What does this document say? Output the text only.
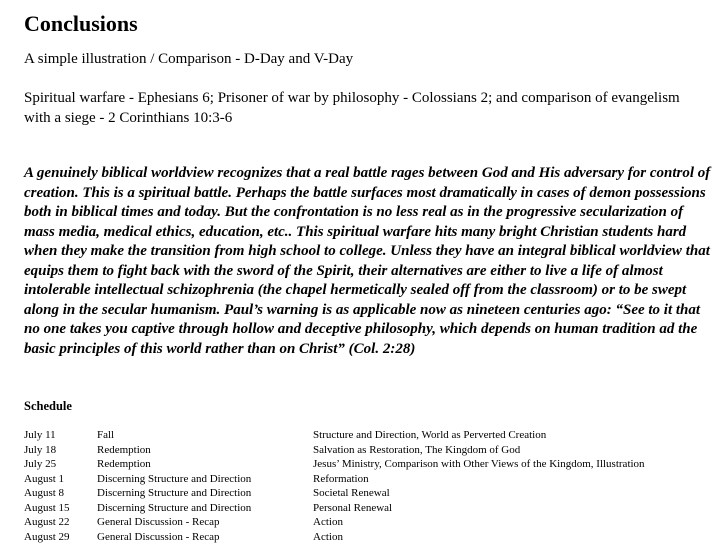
Conclusions
A simple illustration / Comparison - D-Day and V-Day
Spiritual warfare - Ephesians 6; Prisoner of war by philosophy - Colossians 2; and comparison of evangelism with a siege - 2 Corinthians 10:3-6
A genuinely biblical worldview recognizes that a real battle rages between God and His adversary for control of creation. This is a spiritual battle. Perhaps the battle surfaces most dramatically in cases of demon possessions both in biblical times and today. But the confrontation is no less real as in the progressive secularization of mass media, medical ethics, education, etc.. This spiritual warfare hits many bright Christian students hard when they make the transition from high school to college. Unless they have an integral biblical worldview that equips them to fight back with the sword of the Spirit, their alternatives are either to live a life of almost intolerable intellectual schizophrenia (the chapel hermetically sealed off from the classroom) or to be swept along in the secular humanism. Paul’s warning is as applicable now as nineteen centuries ago: “See to it that no one takes you captive through hollow and deceptive philosophy, which depends on human tradition ad the basic principles of this world rather than on Christ” (Col. 2:28)
Schedule
July 11	Fall	Structure and Direction, World as Perverted Creation
July 18	Redemption	Salvation as Restoration, The Kingdom of God
July 25	Redemption	Jesus’ Ministry, Comparison with Other Views of the Kingdom, Illustration
August 1	Discerning Structure and Direction	Reformation
August 8	Discerning Structure and Direction	Societal Renewal
August 15 Discerning Structure and Direction	Personal Renewal
August 22 General Discussion - Recap	Action
August 29 General Discussion - Recap	Action
